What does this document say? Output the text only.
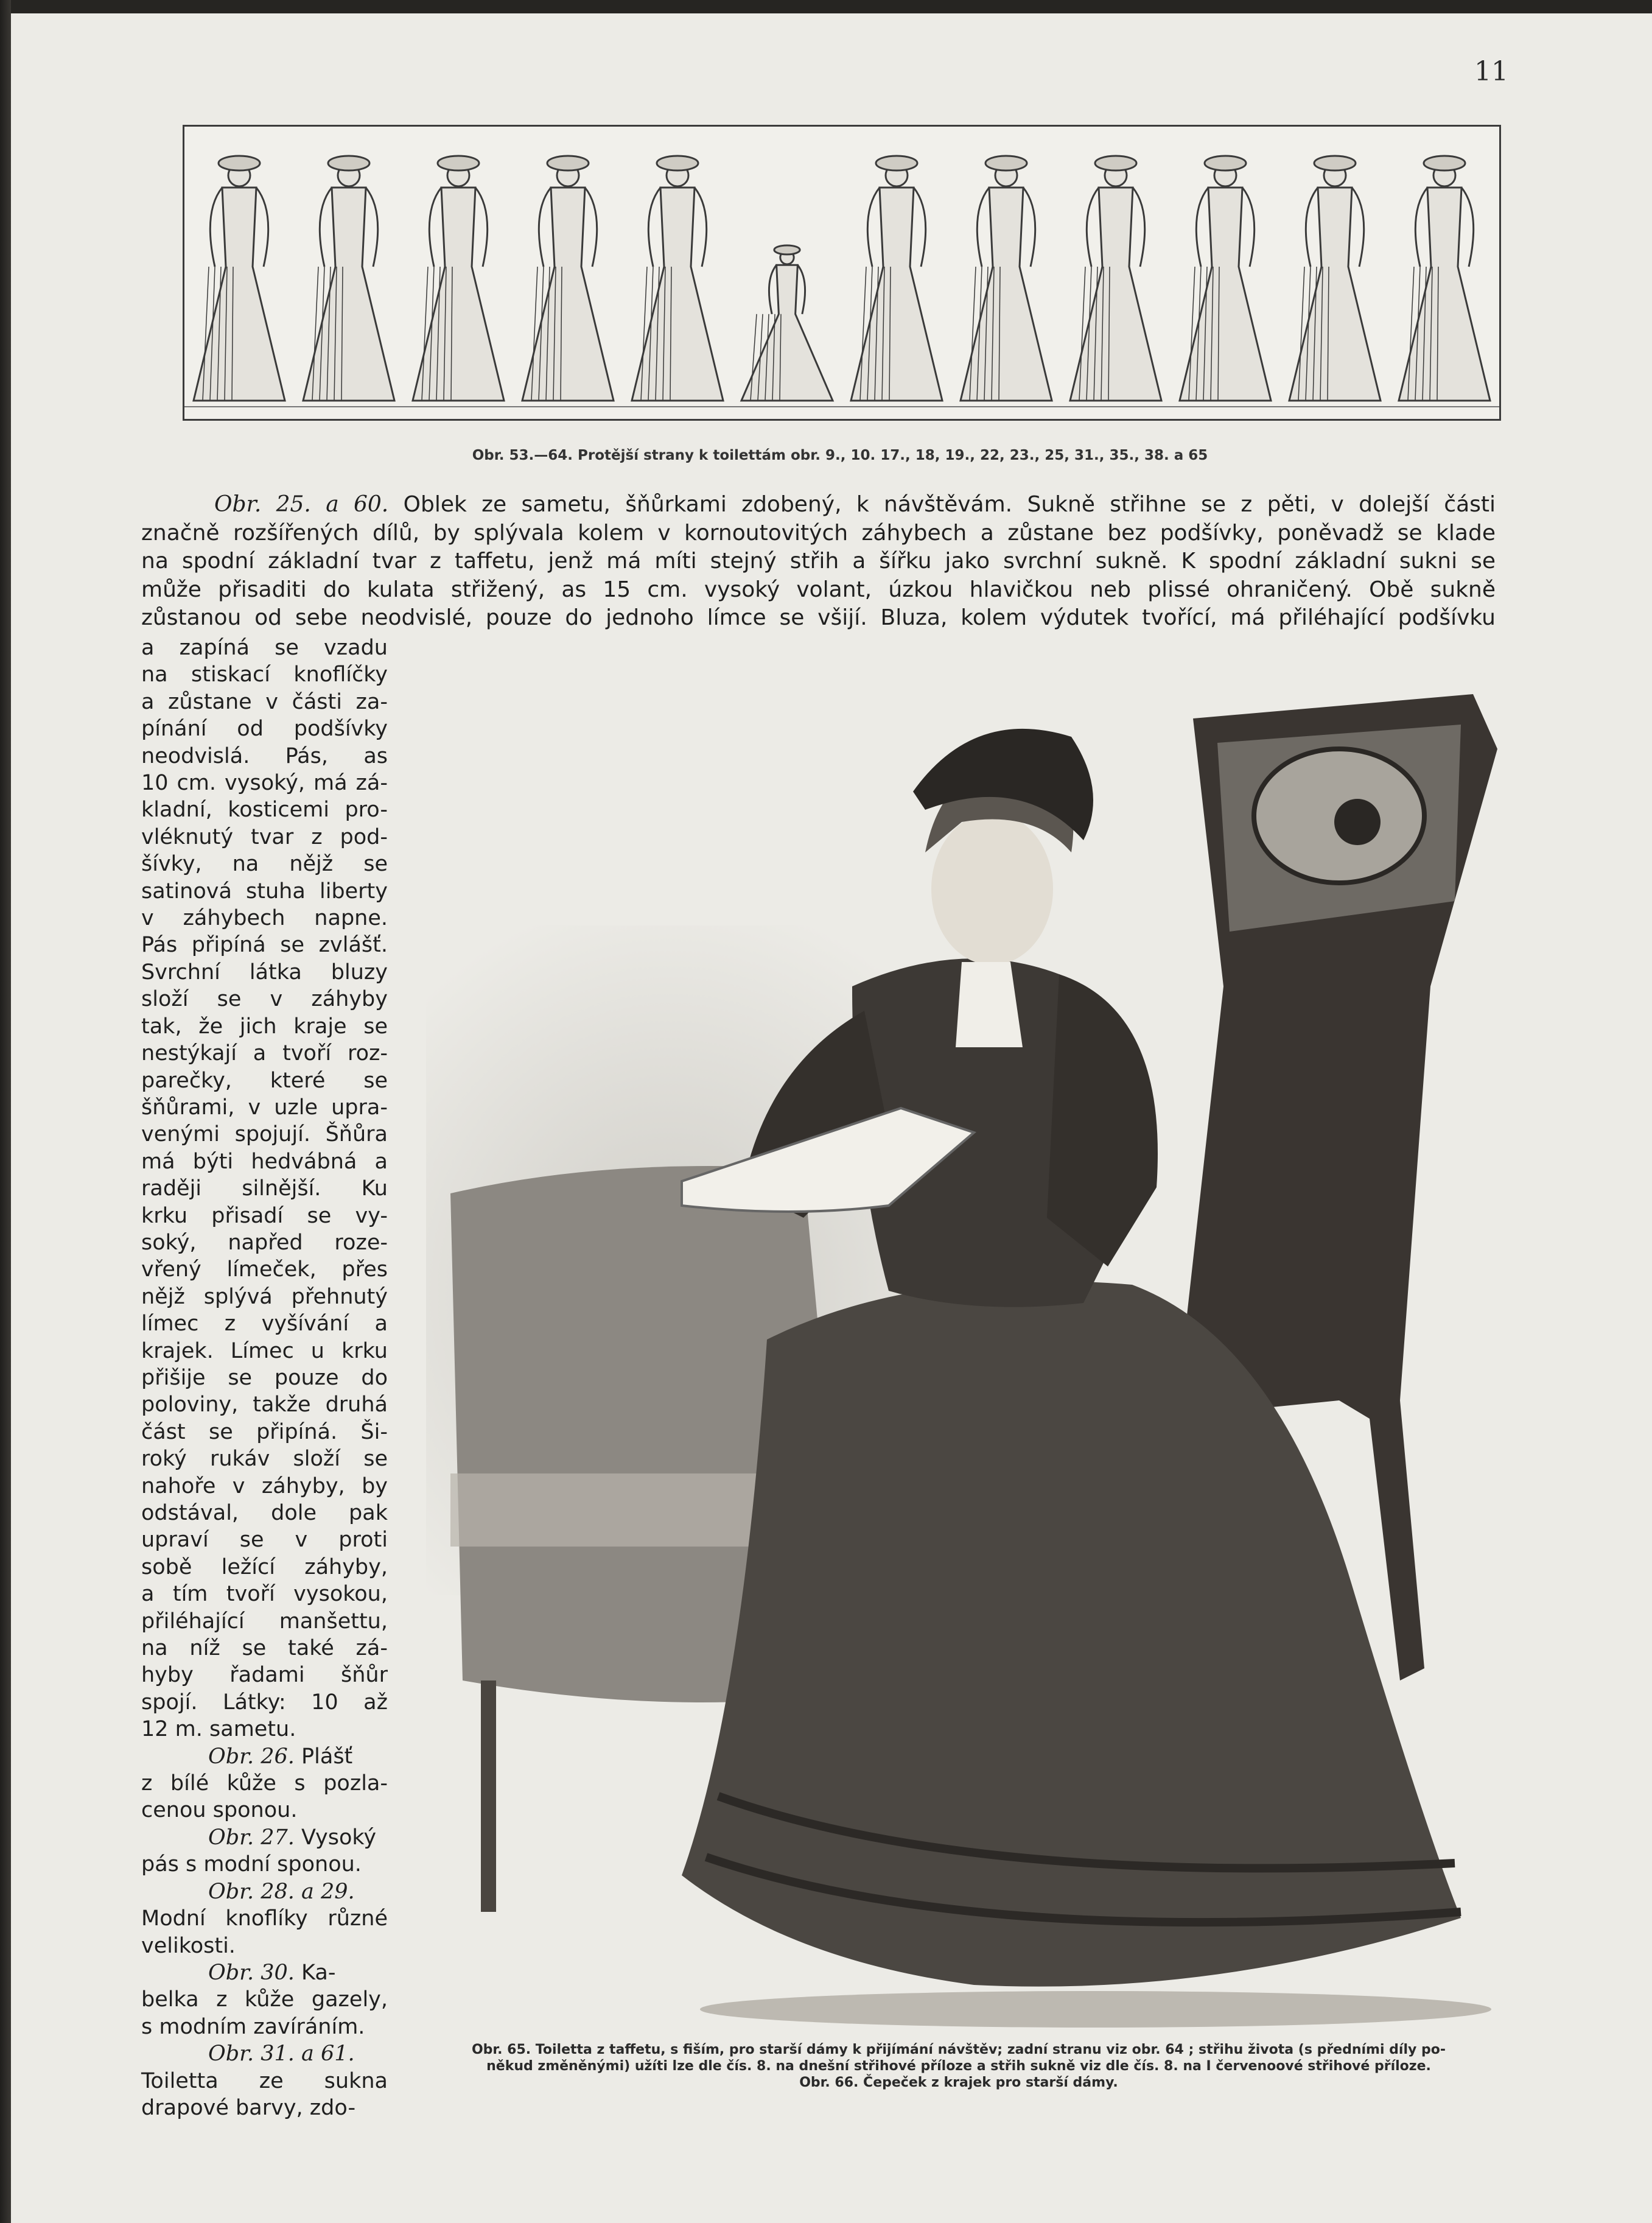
11
Obr. 53.—64. Protější strany k toilettám obr. 9., 10. 17., 18, 19., 22, 23., 25, 31., 35., 38. a 65
Obr. 25. a 60. Oblek ze sametu, šňůrkami zdobený, k návštěvám. Sukně střihne se z pěti, v dolejší části
značně rozšířených dílů, by splývala kolem v kornoutovitých záhybech a zůstane bez podšívky, poněvadž se klade
na spodní základní tvar z taffetu, jenž má míti stejný střih a šířku jako svrchní sukně. K spodní základní sukni se
může přisaditi do kulata střižený, as 15 cm. vysoký volant, úzkou hlavičkou neb plissé ohraničený. Obě sukně
zůstanou od sebe neodvislé, pouze do jednoho límce se všijí. Bluza, kolem výdutek tvořící, má přiléhající podšívku
a zapíná se vzadu
na stiskací knoflíčky
a zůstane v části za-
pínání od podšívky
neodvislá. Pás, as
10 cm. vysoký, má zá-
kladní, kosticemi pro-
vléknutý tvar z pod-
šívky, na nějž se
satinová stuha liberty
v záhybech napne.
Pás připíná se zvlášť.
Svrchní látka bluzy
složí se v záhyby
tak, že jich kraje se
nestýkají a tvoří roz-
parečky, které se
šňůrami, v uzle upra-
venými spojují. Šňůra
má býti hedvábná a
raději silnější. Ku
krku přisadí se vy-
soký, napřed roze-
vřený límeček, přes
nějž splývá přehnutý
límec z vyšívání a
krajek. Límec u krku
přišije se pouze do
poloviny, takže druhá
část se připíná. Ši-
roký rukáv složí se
nahoře v záhyby, by
odstával, dole pak
upraví se v proti
sobě ležící záhyby,
a tím tvoří vysokou,
přiléhající manšettu,
na níž se také zá-
hyby řadami šňůr
spojí. Látky: 10 až
12 m. sametu.
Obr. 26. Plášť
z bílé kůže s pozla-
cenou sponou.
Obr. 27. Vysoký
pás s modní sponou.
Obr. 28. a 29.
Modní knoflíky různé
velikosti.
Obr. 30. Ka-
belka z kůže gazely,
s modním zavíráním.
Obr. 31. a 61.
Toiletta ze sukna
drapové barvy, zdo-
Obr. 65. Toiletta z taffetu, s fiším, pro starší dámy k přijímání návštěv; zadní stranu viz obr. 64 ; střihu života (s předními díly po-
někud změněnými) užíti lze dle čís. 8. na dnešní střihové příloze a střih sukně viz dle čís. 8. na I červenoové střihové příloze.
Obr. 66. Čepeček z krajek pro starší dámy.
